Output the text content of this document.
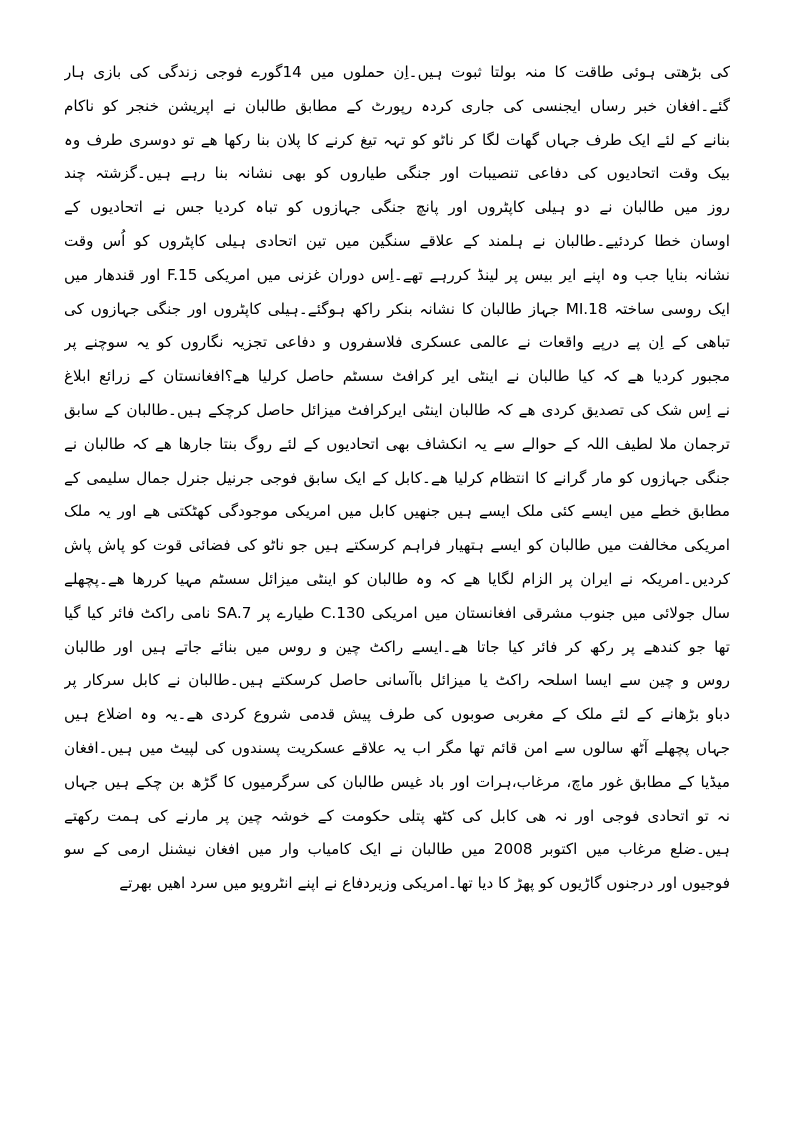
کی بڑھتی ہوئی طاقت کا منہ بولتا ثبوت ہیں۔اِن حملوں میں 14گورے فوجی زندگی کی بازی ہار
گئے۔افغان خبر رساں ایجنسی کی جاری کردہ رپورٹ کے مطابق طالبان نے اپریشن خنجر کو ناکام
بنانے کے لئے ایک طرف جہاں گھات لگا کر ناٹو کو تہہ تیغ کرنے کا پلان بنا رکھا ھے تو دوسری طرف وہ
بیک وقت اتحادیوں کی دفاعی تنصیبات اور جنگی طیاروں کو بھی نشانہ بنا رہے ہیں۔گزشتہ چند
روز میں طالبان نے دو ہیلی کاپٹروں اور پانچ جنگی جہازوں کو تباہ کردیا جس نے اتحادیوں کے
اوسان خطا کردئیے۔طالبان نے ہلمند کے علاقے سنگین میں تین اتحادی ہیلی کاپٹروں کو اُس وقت
نشانہ بنایا جب وہ اپنے ایر بیس پر لینڈ کررہے تھے۔اِس دوران غزنی میں امریکی F.15 اور قندھار میں
ایک روسی ساختہ MI.18 جہاز طالبان کا نشانہ بنکر راکھ ہوگئے۔ہیلی کاپٹروں اور جنگی جہازوں کی
تباھی کے اِن پے درپے واقعات نے عالمی عسکری فلاسفروں و دفاعی تجزیہ نگاروں کو یہ سوچنے پر
مجبور کردیا ھے کہ کیا طالبان نے اینٹی ایر کرافٹ سسٹم حاصل کرلیا ھے؟افغانستان کے زرائع ابلاغ
نے اِس شک کی تصدیق کردی ھے کہ طالبان اینٹی ایرکرافٹ میزائل حاصل کرچکے ہیں۔طالبان کے سابق
ترجمان ملا لطیف اللہ کے حوالے سے یہ انکشاف بھی اتحادیوں کے لئے روگ بنتا جارھا ھے کہ طالبان نے
جنگی جہازوں کو مار گرانے کا انتظام کرلیا ھے۔کابل کے ایک سابق فوجی جرنیل جنرل جمال سلیمی کے
مطابق خطے میں ایسے کئی ملک ایسے ہیں جنھیں کابل میں امریکی موجودگی کھٹکتی ھے اور یہ ملک
امریکی مخالفت میں طالبان کو ایسے ہتھیار فراہم کرسکتے ہیں جو ناٹو کی فضائی قوت کو پاش پاش
کردیں۔امریکہ نے ایران پر الزام لگایا ھے کہ وہ طالبان کو اینٹی میزائل سسٹم مہیا کررھا ھے۔پچھلے
سال جولائی میں جنوب مشرقی افغانستان میں امریکی C.130 طیارے پر SA.7 نامی راکٹ فائر کیا گیا
تھا جو کندھے پر رکھ کر فائر کیا جاتا ھے۔ایسے راکٹ چین و روس میں بنائے جاتے ہیں اور طالبان
روس و چین سے ایسا اسلحہ راکٹ یا میزائل باآسانی حاصل کرسکتے ہیں۔طالبان نے کابل سرکار پر
دباو بڑھانے کے لئے ملک کے مغربی صوبوں کی طرف پیش قدمی شروع کردی ھے۔یہ وہ اضلاع ہیں
جہاں پچھلے آٹھ سالوں سے امن قائم تھا مگر اب یہ علاقے عسکریت پسندوں کی لپیٹ میں ہیں۔افغان
میڈیا کے مطابق غور ماچ، مرغاب،ہرات اور باد غیس طالبان کی سرگرمیوں کا گڑھ بن چکے ہیں جہاں
نہ تو اتحادی فوجی اور نہ ھی کابل کی کٹھ پتلی حکومت کے خوشہ چین پر مارنے کی ہمت رکھتے
ہیں۔ضلع مرغاب میں اکتوبر 2008 میں طالبان نے ایک کامیاب وار میں افغان نیشنل ارمی کے سو
فوجیوں اور درجنوں گاڑیوں کو پھڑ کا دیا تھا۔امریکی وزیردفاع نے اپنے انٹرویو میں سرد اھیں بھرتے
